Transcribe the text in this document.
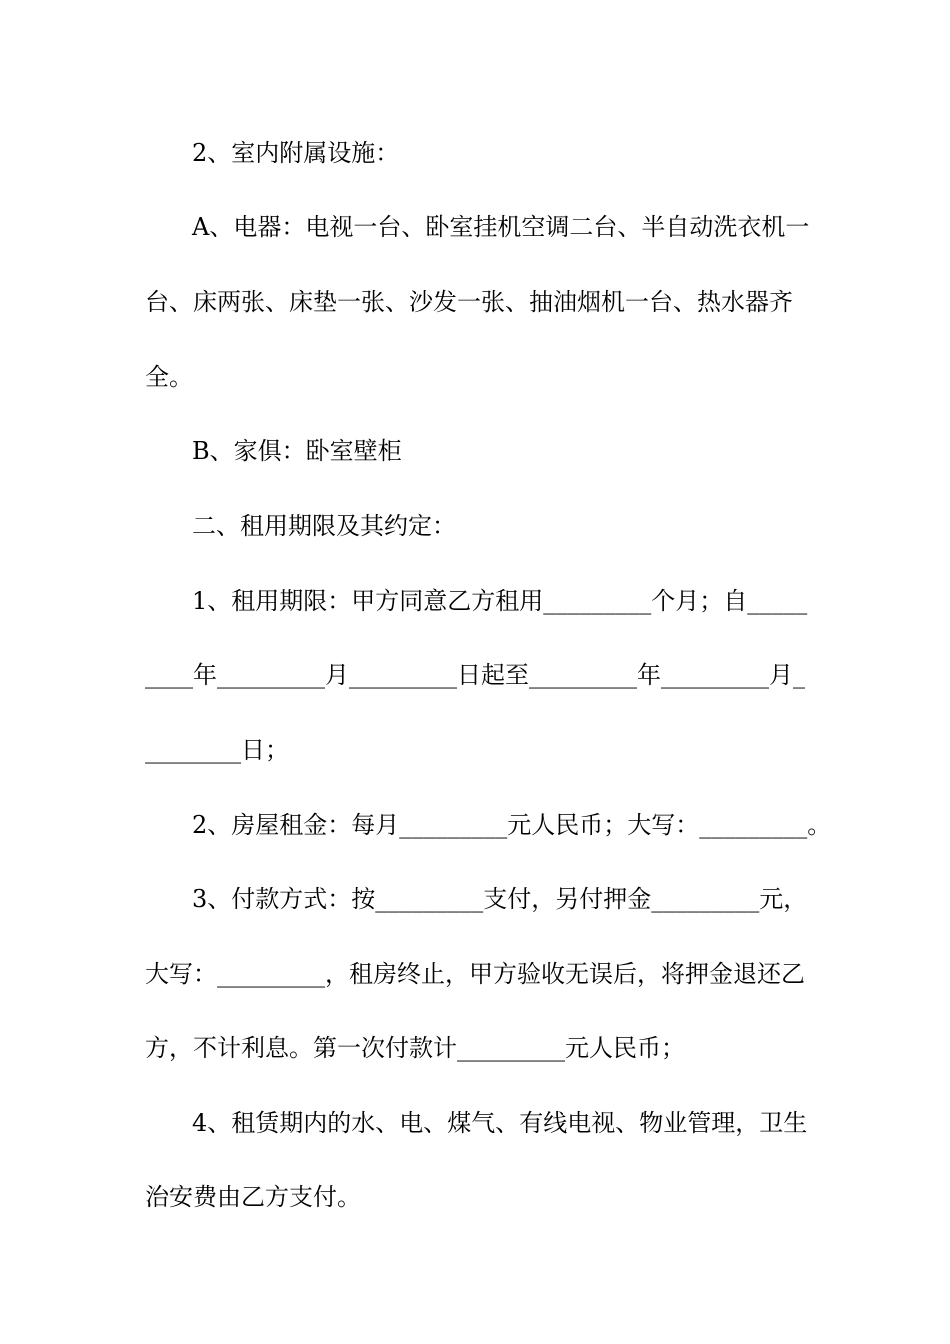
2、室内附属设施：
A、电器：电视一台、卧室挂机空调二台、半自动洗衣机一
台、床两张、床垫一张、沙发一张、抽油烟机一台、热水器齐
全。
B、家俱：卧室壁柜
二、租用期限及其约定：
1、租用期限：甲方同意乙方租用_________个月；自_____
____年_________月_________日起至_________年_________月_
________日；
2、房屋租金：每月_________元人民币；大写：_________。
3、付款方式：按_________支付，另付押金_________元，
大写：_________，租房终止，甲方验收无误后，将押金退还乙
方，不计利息。第一次付款计_________元人民币；
4、租赁期内的水、电、煤气、有线电视、物业管理，卫生
治安费由乙方支付。
